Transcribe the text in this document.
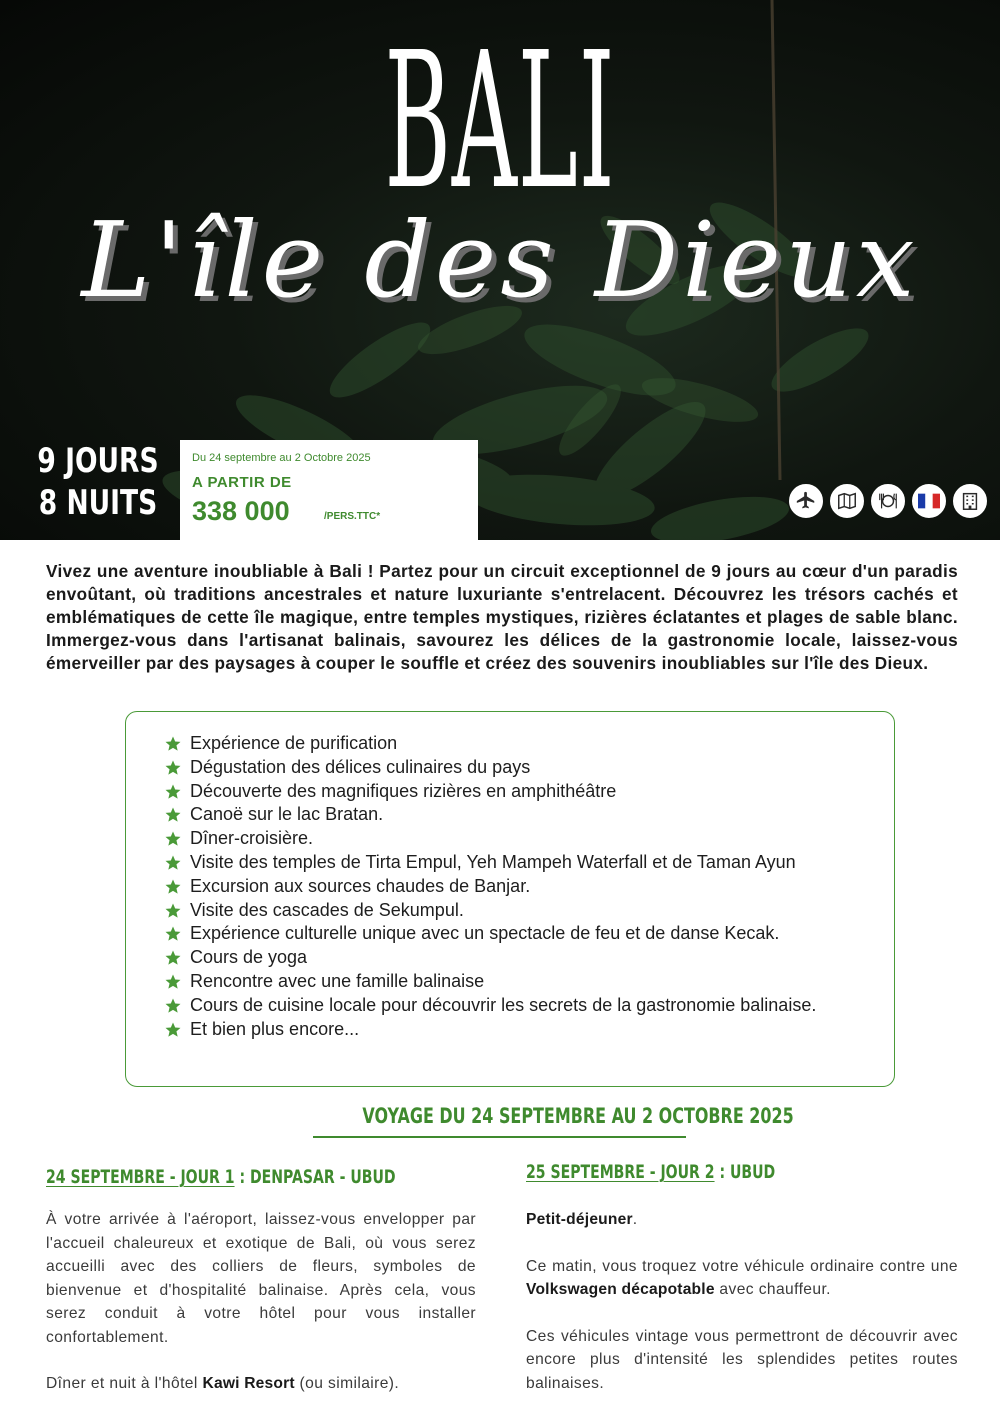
BALI
L'île des Dieux
9 JOURS
8 NUITS
Du 24 septembre au 2 Octobre 2025
A PARTIR DE
338 000	/PERS.TTC*

Vivez une aventure inoubliable à Bali ! Partez pour un circuit exceptionnel de 9 jours au cœur d'un paradis envoûtant, où traditions ancestrales et nature luxuriante s'entrelacent. Découvrez les trésors cachés et emblématiques de cette île magique, entre temples mystiques, rizières éclatantes et plages de sable blanc. Immergez-vous dans l'artisanat balinais, savourez les délices de la gastronomie locale, laissez-vous émerveiller par des paysages à couper le souffle et créez des souvenirs inoubliables sur l'île des Dieux.

Expérience de purification
Dégustation des délices culinaires du pays
Découverte des magnifiques rizières en amphithéâtre
Canoë sur le lac Bratan.
Dîner-croisière.
Visite des temples de Tirta Empul, Yeh Mampeh Waterfall et de Taman Ayun
Excursion aux sources chaudes de Banjar.
Visite des cascades de Sekumpul.
Expérience culturelle unique avec un spectacle de feu et de danse Kecak.
Cours de yoga
Rencontre avec une famille balinaise
Cours de cuisine locale pour découvrir les secrets de la gastronomie balinaise.
Et bien plus encore...
VOYAGE DU 24 SEPTEMBRE AU 2 OCTOBRE 2025
24 SEPTEMBRE - JOUR 1 : DENPASAR - UBUD

À votre arrivée à l'aéroport, laissez-vous envelopper par l'accueil chaleureux et exotique de Bali, où vous serez accueilli avec des colliers de fleurs, symboles de bienvenue et d'hospitalité balinaise. Après cela, vous serez conduit à votre hôtel pour vous installer confortablement.

Dîner et nuit à l'hôtel Kawi Resort (ou similaire).

25 SEPTEMBRE - JOUR 2 : UBUD

Petit-déjeuner.

Ce matin, vous troquez votre véhicule ordinaire contre une Volkswagen décapotable avec chauffeur.

Ces véhicules vintage vous permettront de découvrir avec encore plus d'intensité les splendides petites routes balinaises.
